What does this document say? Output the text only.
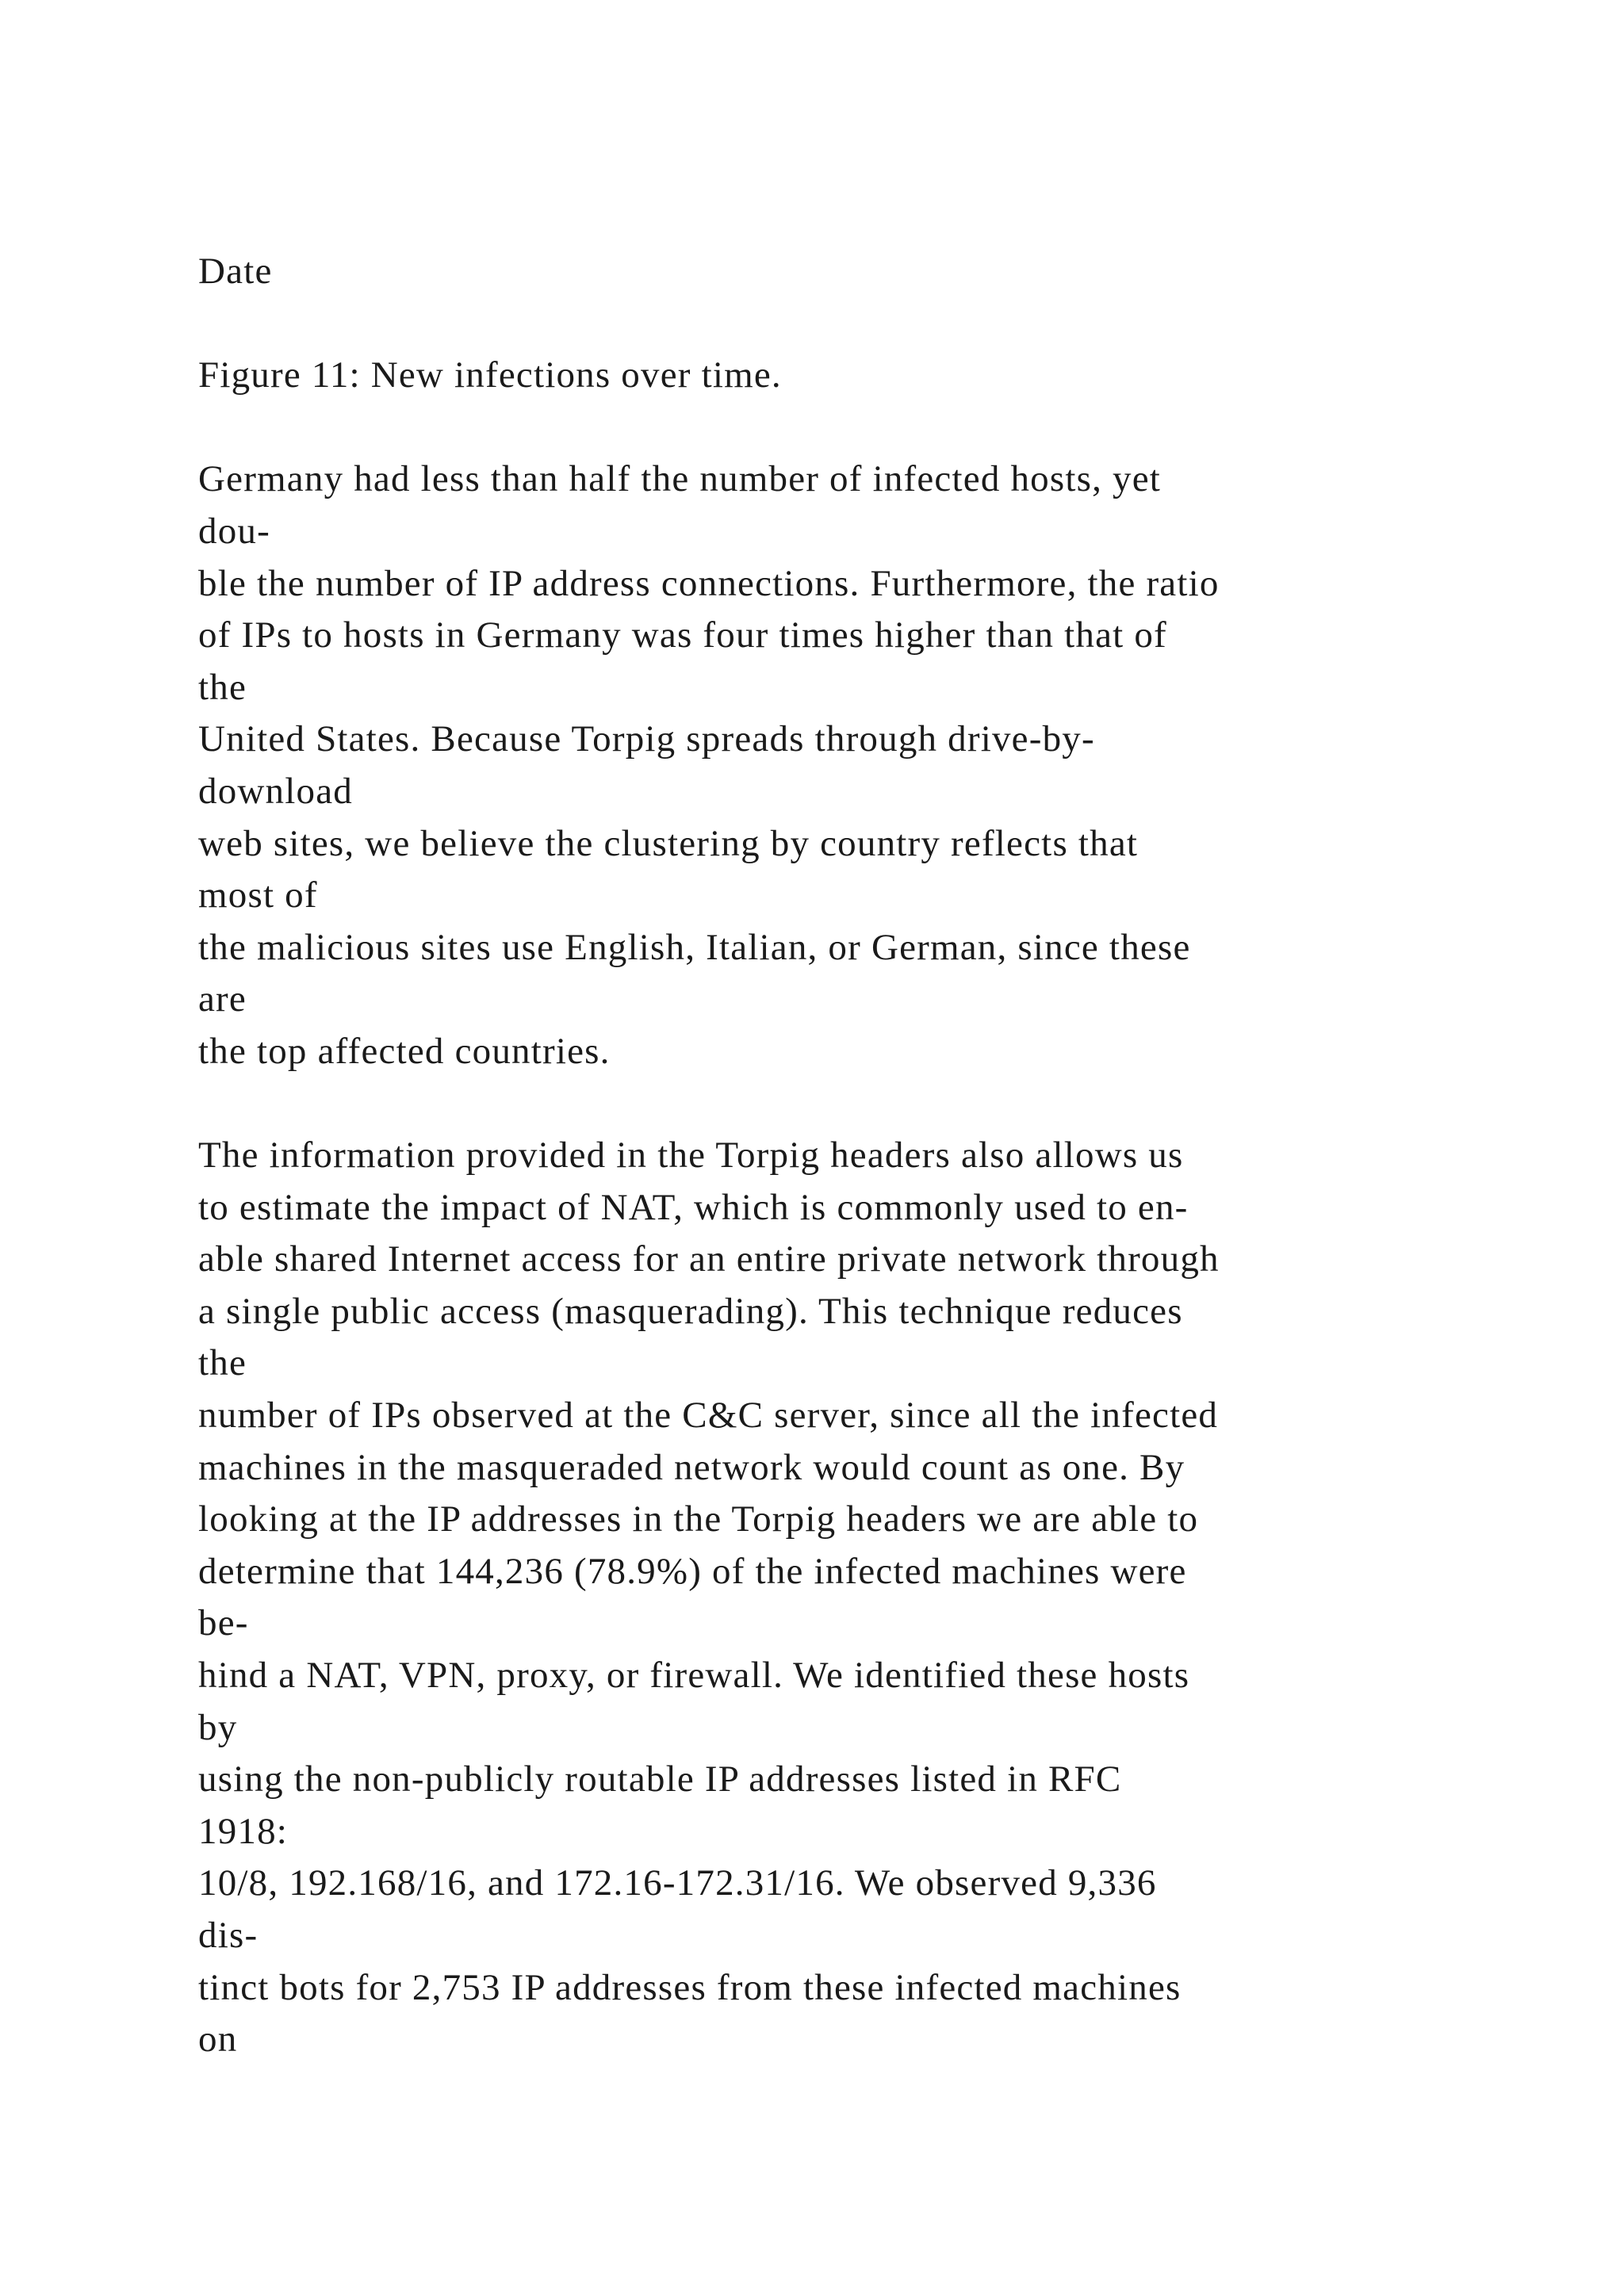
Date
Figure 11: New infections over time.
Germany had less than half the number of infected hosts, yet
dou-
ble the number of IP address connections. Furthermore, the ratio
of IPs to hosts in Germany was four times higher than that of
the
United States. Because Torpig spreads through drive-by-
download
web sites, we believe the clustering by country reflects that
most of
the malicious sites use English, Italian, or German, since these
are
the top affected countries.
The information provided in the Torpig headers also allows us
to estimate the impact of NAT, which is commonly used to en-
able shared Internet access for an entire private network through
a single public access (masquerading). This technique reduces
the
number of IPs observed at the C&C server, since all the infected
machines in the masqueraded network would count as one. By
looking at the IP addresses in the Torpig headers we are able to
determine that 144,236 (78.9%) of the infected machines were
be-
hind a NAT, VPN, proxy, or firewall. We identified these hosts
by
using the non-publicly routable IP addresses listed in RFC
1918:
10/8, 192.168/16, and 172.16-172.31/16. We observed 9,336
dis-
tinct bots for 2,753 IP addresses from these infected machines
on
